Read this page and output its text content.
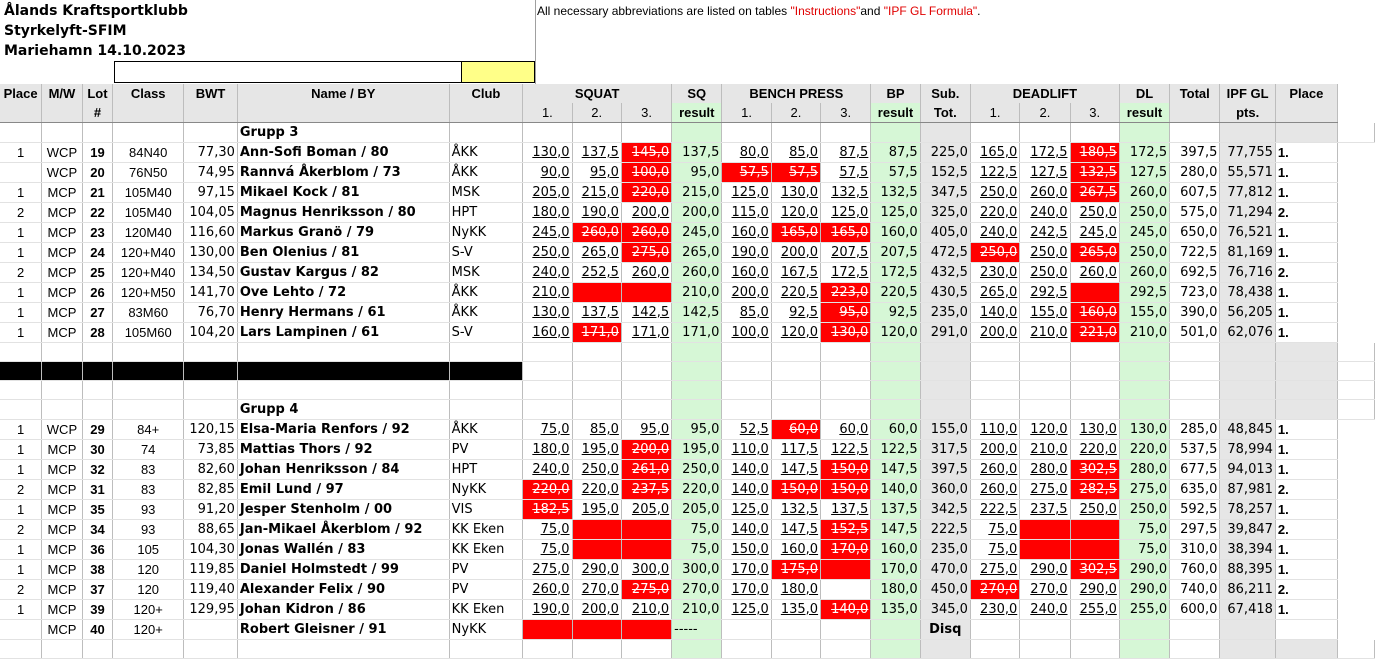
Ålands Kraftsportklubb
Styrkelyft-SFIM
Mariehamn 14.10.2023
All necessary abbreviations are listed on tables "Instructions"and "IPF GL Formula".
Place	M/W	Lot	Class	BWT	Name / BY	Club	SQUAT			SQ	BENCH PRESS			BP	Sub.	DEADLIFT			DL	Total	IPF GL	Place	
		#					1.	2.	3.	result	1.	2.	3.	result	Tot.	1.	2.	3.	result		pts.		
					Grupp 3																		
1	WCP	19	84N40	77,30	Ann-Sofi Boman / 80	ÅKK	130,0	137,5	145,0	137,5	80,0	85,0	87,5	87,5	225,0	165,0	172,5	180,5	172,5	397,5	77,755	1.	
	WCP	20	76N50	74,95	Rannvá Åkerblom / 73	ÅKK	90,0	95,0	100,0	95,0	57,5	57,5	57,5	57,5	152,5	122,5	127,5	132,5	127,5	280,0	55,571	1.	
1	MCP	21	105M40	97,15	Mikael Kock / 81	MSK	205,0	215,0	220,0	215,0	125,0	130,0	132,5	132,5	347,5	250,0	260,0	267,5	260,0	607,5	77,812	1.	
2	MCP	22	105M40	104,05	Magnus Henriksson / 80	HPT	180,0	190,0	200,0	200,0	115,0	120,0	125,0	125,0	325,0	220,0	240,0	250,0	250,0	575,0	71,294	2.	
1	MCP	23	120M40	116,60	Markus Granö / 79	NyKK	245,0	260,0	260,0	245,0	160,0	165,0	165,0	160,0	405,0	240,0	242,5	245,0	245,0	650,0	76,521	1.	
1	MCP	24	120+M40	130,00	Ben Olenius / 81	S-V	250,0	265,0	275,0	265,0	190,0	200,0	207,5	207,5	472,5	250,0	250,0	265,0	250,0	722,5	81,169	1.	
2	MCP	25	120+M40	134,50	Gustav Kargus / 82	MSK	240,0	252,5	260,0	260,0	160,0	167,5	172,5	172,5	432,5	230,0	250,0	260,0	260,0	692,5	76,716	2.	
1	MCP	26	120+M50	141,70	Ove Lehto / 72	ÅKK	210,0			210,0	200,0	220,5	223,0	220,5	430,5	265,0	292,5		292,5	723,0	78,438	1.	
1	MCP	27	83M60	76,70	Henry Hermans / 61	ÅKK	130,0	137,5	142,5	142,5	85,0	92,5	95,0	92,5	235,0	140,0	155,0	160,0	155,0	390,0	56,205	1.	
1	MCP	28	105M60	104,20	Lars Lampinen / 61	S-V	160,0	171,0	171,0	171,0	100,0	120,0	130,0	120,0	291,0	200,0	210,0	221,0	210,0	501,0	62,076	1.	

					Grupp 4																		
1	WCP	29	84+	120,15	Elsa-Maria Renfors / 92	ÅKK	75,0	85,0	95,0	95,0	52,5	60,0	60,0	60,0	155,0	110,0	120,0	130,0	130,0	285,0	48,845	1.	
1	MCP	30	74	73,85	Mattias Thors / 92	PV	180,0	195,0	200,0	195,0	110,0	117,5	122,5	122,5	317,5	200,0	210,0	220,0	220,0	537,5	78,994	1.	
1	MCP	32	83	82,60	Johan Henriksson / 84	HPT	240,0	250,0	261,0	250,0	140,0	147,5	150,0	147,5	397,5	260,0	280,0	302,5	280,0	677,5	94,013	1.	
2	MCP	31	83	82,85	Emil Lund / 97	NyKK	220,0	220,0	237,5	220,0	140,0	150,0	150,0	140,0	360,0	260,0	275,0	282,5	275,0	635,0	87,981	2.	
1	MCP	35	93	91,20	Jesper Stenholm / 00	VIS	182,5	195,0	205,0	205,0	125,0	132,5	137,5	137,5	342,5	222,5	237,5	250,0	250,0	592,5	78,257	1.	
2	MCP	34	93	88,65	Jan-Mikael Åkerblom / 92	KK Eken	75,0			75,0	140,0	147,5	152,5	147,5	222,5	75,0			75,0	297,5	39,847	2.	
1	MCP	36	105	104,30	Jonas Wallén / 83	KK Eken	75,0			75,0	150,0	160,0	170,0	160,0	235,0	75,0			75,0	310,0	38,394	1.	
1	MCP	38	120	119,85	Daniel Holmstedt / 99	PV	275,0	290,0	300,0	300,0	170,0	175,0		170,0	470,0	275,0	290,0	302,5	290,0	760,0	88,395	1.	
2	MCP	37	120	119,40	Alexander Felix / 90	PV	260,0	270,0	275,0	270,0	170,0	180,0		180,0	450,0	270,0	270,0	290,0	290,0	740,0	86,211	2.	
1	MCP	39	120+	129,95	Johan Kidron / 86	KK Eken	190,0	200,0	210,0	210,0	125,0	135,0	140,0	135,0	345,0	230,0	240,0	255,0	255,0	600,0	67,418	1.	
	MCP	40	120+		Robert Gleisner / 91	NyKK				-----					Disq								
